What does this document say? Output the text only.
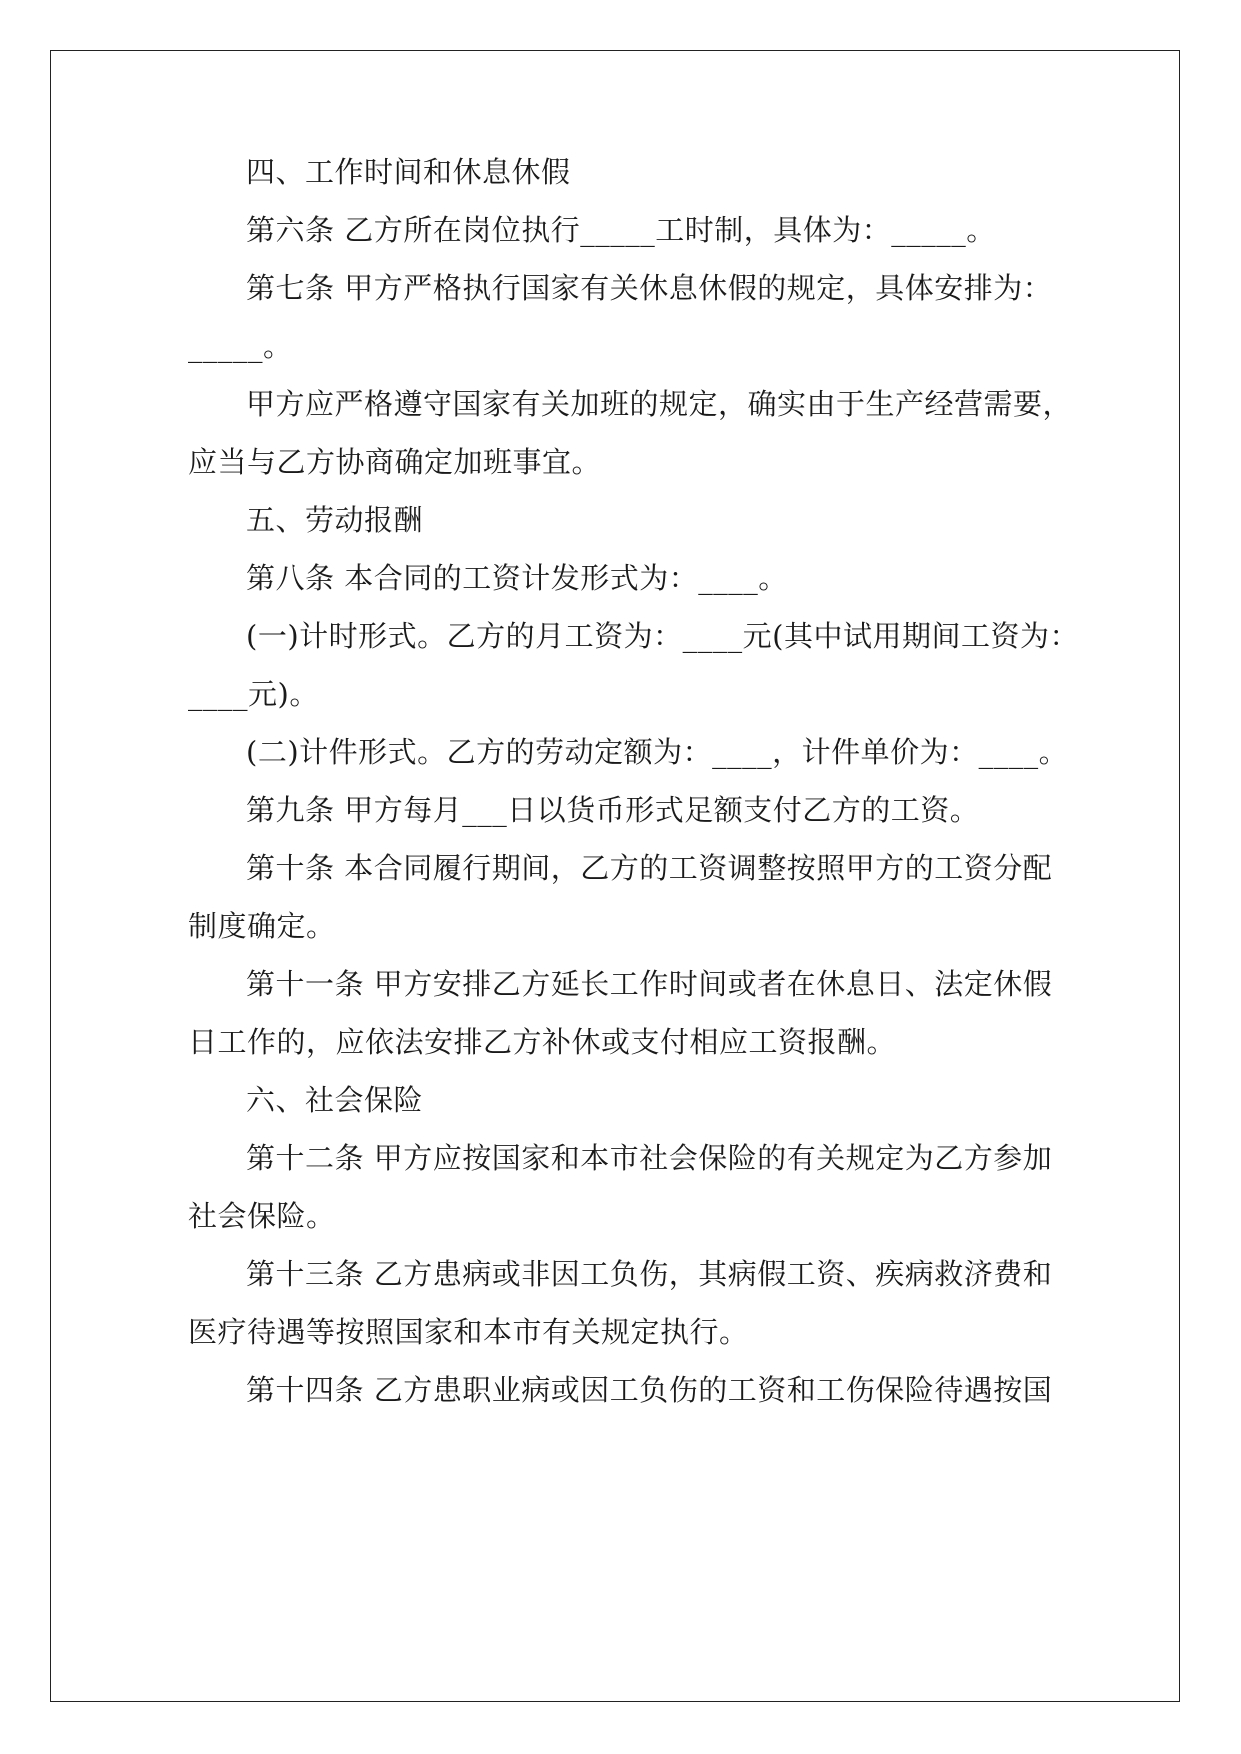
四、工作时间和休息休假

第六条 乙方所在岗位执行_____工时制，具体为：_____。

第七条 甲方严格执行国家有关休息休假的规定，具体安排为：

_____。

甲方应严格遵守国家有关加班的规定，确实由于生产经营需要，

应当与乙方协商确定加班事宜。

五、劳动报酬

第八条 本合同的工资计发形式为：____。

(一)计时形式。乙方的月工资为：____元(其中试用期间工资为：

____元)。

(二)计件形式。乙方的劳动定额为：____，计件单价为：____。

第九条 甲方每月___日以货币形式足额支付乙方的工资。

第十条 本合同履行期间，乙方的工资调整按照甲方的工资分配

制度确定。

第十一条 甲方安排乙方延长工作时间或者在休息日、法定休假

日工作的，应依法安排乙方补休或支付相应工资报酬。

六、社会保险

第十二条 甲方应按国家和本市社会保险的有关规定为乙方参加

社会保险。

第十三条 乙方患病或非因工负伤，其病假工资、疾病救济费和

医疗待遇等按照国家和本市有关规定执行。

第十四条 乙方患职业病或因工负伤的工资和工伤保险待遇按国
